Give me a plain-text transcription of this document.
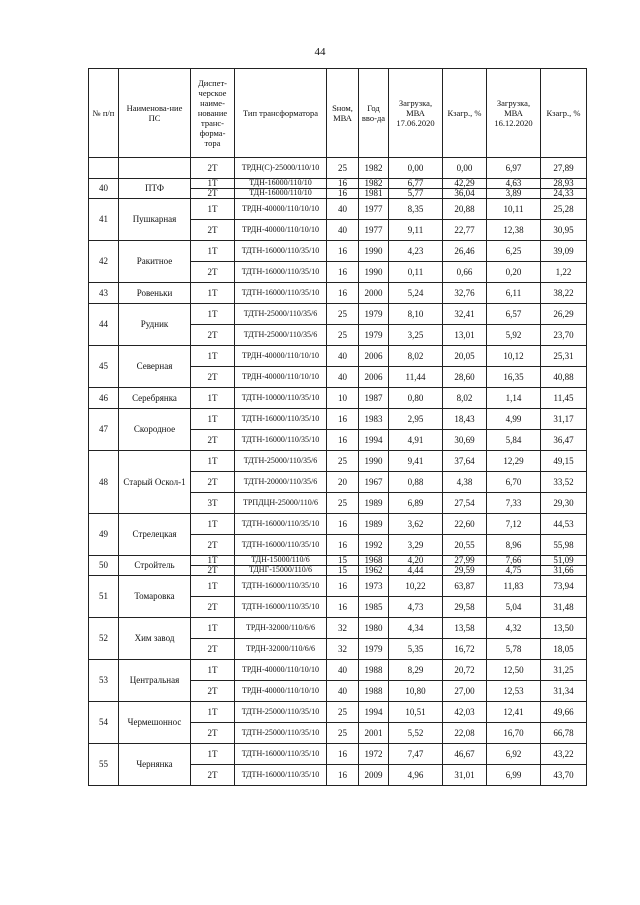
44
№ п/п	Наименова-ние ПС	Диспет-черское наиме-нование транс-форма-тора	Тип трансформатора	Sном, МВА	Год вво-да	Загрузка, МВА 17.06.2020	Кзагр., %	Загрузка, МВА 16.12.2020	Кзагр., %
		2Т	ТРДН(С)-25000/110/10	25	1982	0,00	0,00	6,97	27,89
40	ПТФ	1Т	ТДН-16000/110/10	16	1982	6,77	42,29	4,63	28,93
		2Т	ТДН-16000/110/10	16	1981	5,77	36,04	3,89	24,33
41	Пушкарная	1Т	ТРДН-40000/110/10/10	40	1977	8,35	20,88	10,11	25,28
		2Т	ТРДН-40000/110/10/10	40	1977	9,11	22,77	12,38	30,95
42	Ракитное	1Т	ТДТН-16000/110/35/10	16	1990	4,23	26,46	6,25	39,09
		2Т	ТДТН-16000/110/35/10	16	1990	0,11	0,66	0,20	1,22
43	Ровеньки	1Т	ТДТН-16000/110/35/10	16	2000	5,24	32,76	6,11	38,22
44	Рудник	1Т	ТДТН-25000/110/35/6	25	1979	8,10	32,41	6,57	26,29
		2Т	ТДТН-25000/110/35/6	25	1979	3,25	13,01	5,92	23,70
45	Северная	1Т	ТРДН-40000/110/10/10	40	2006	8,02	20,05	10,12	25,31
		2Т	ТРДН-40000/110/10/10	40	2006	11,44	28,60	16,35	40,88
46	Серебрянка	1Т	ТДТН-10000/110/35/10	10	1987	0,80	8,02	1,14	11,45
47	Скородное	1Т	ТДТН-16000/110/35/10	16	1983	2,95	18,43	4,99	31,17
		2Т	ТДТН-16000/110/35/10	16	1994	4,91	30,69	5,84	36,47
48	Старый Оскол-1	1Т	ТДТН-25000/110/35/6	25	1990	9,41	37,64	12,29	49,15
		2Т	ТДТН-20000/110/35/6	20	1967	0,88	4,38	6,70	33,52
		3Т	ТРПДЦН-25000/110/6	25	1989	6,89	27,54	7,33	29,30
49	Стрелецкая	1Т	ТДТН-16000/110/35/10	16	1989	3,62	22,60	7,12	44,53
		2Т	ТДТН-16000/110/35/10	16	1992	3,29	20,55	8,96	55,98
50	Стройтель	1Т	ТДН-15000/110/6	15	1968	4,20	27,99	7,66	51,09
		2Т	ТДНГ-15000/110/6	15	1962	4,44	29,59	4,75	31,66
51	Томаровка	1Т	ТДТН-16000/110/35/10	16	1973	10,22	63,87	11,83	73,94
		2Т	ТДТН-16000/110/35/10	16	1985	4,73	29,58	5,04	31,48
52	Хим завод	1Т	ТРДН-32000/110/6/6	32	1980	4,34	13,58	4,32	13,50
		2Т	ТРДН-32000/110/6/6	32	1979	5,35	16,72	5,78	18,05
53	Центральная	1Т	ТРДН-40000/110/10/10	40	1988	8,29	20,72	12,50	31,25
		2Т	ТРДН-40000/110/10/10	40	1988	10,80	27,00	12,53	31,34
54	Чермешоннос	1Т	ТДТН-25000/110/35/10	25	1994	10,51	42,03	12,41	49,66
		2Т	ТДТН-25000/110/35/10	25	2001	5,52	22,08	16,70	66,78
55	Чернянка	1Т	ТДТН-16000/110/35/10	16	1972	7,47	46,67	6,92	43,22
		2Т	ТДТН-16000/110/35/10	16	2009	4,96	31,01	6,99	43,70
